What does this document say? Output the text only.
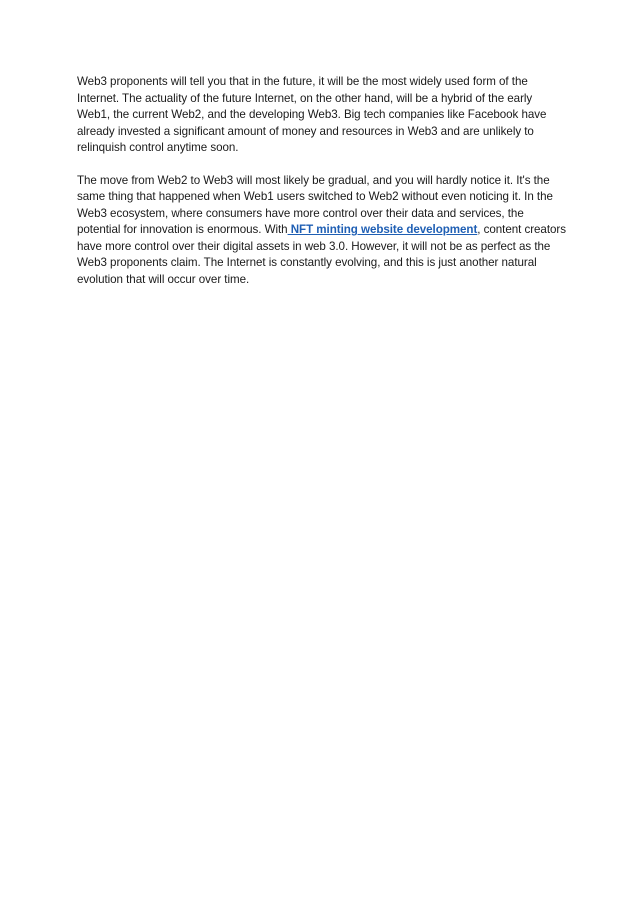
Web3 proponents will tell you that in the future, it will be the most widely used form of the Internet. The actuality of the future Internet, on the other hand, will be a hybrid of the early Web1, the current Web2, and the developing Web3. Big tech companies like Facebook have already invested a significant amount of money and resources in Web3 and are unlikely to relinquish control anytime soon.

The move from Web2 to Web3 will most likely be gradual, and you will hardly notice it. It's the same thing that happened when Web1 users switched to Web2 without even noticing it. In the Web3 ecosystem, where consumers have more control over their data and services, the potential for innovation is enormous. With NFT minting website development, content creators have more control over their digital assets in web 3.0. However, it will not be as perfect as the Web3 proponents claim. The Internet is constantly evolving, and this is just another natural evolution that will occur over time.
